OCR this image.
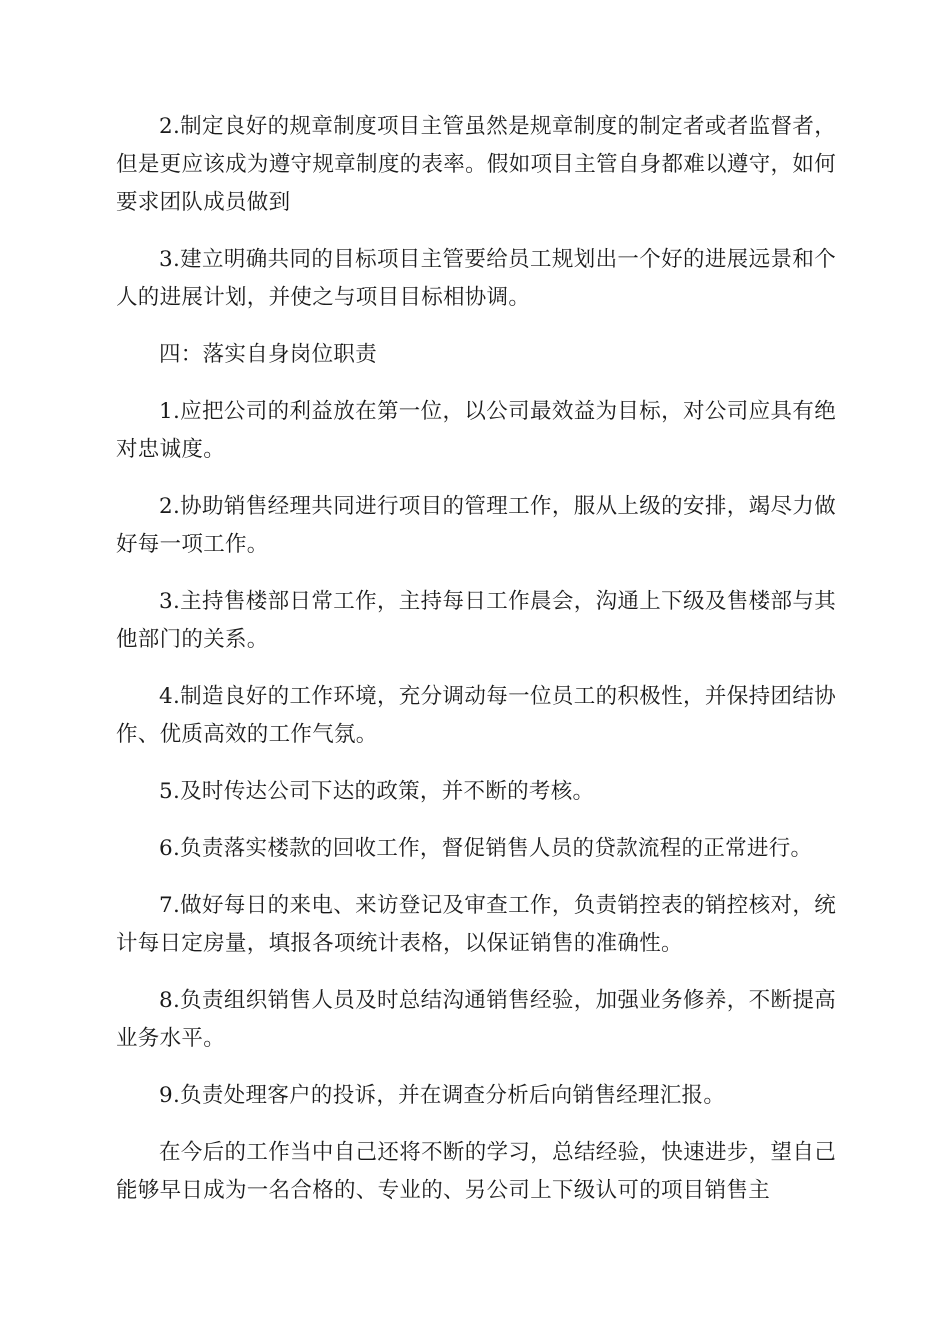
2.制定良好的规章制度项目主管虽然是规章制度的制定者或者监督者，但是更应该成为遵守规章制度的表率。假如项目主管自身都难以遵守，如何要求团队成员做到

3.建立明确共同的目标项目主管要给员工规划出一个好的进展远景和个人的进展计划，并使之与项目目标相协调。

四：落实自身岗位职责

1.应把公司的利益放在第一位，以公司最效益为目标，对公司应具有绝对忠诚度。

2.协助销售经理共同进行项目的管理工作，服从上级的安排，竭尽力做好每一项工作。

3.主持售楼部日常工作，主持每日工作晨会，沟通上下级及售楼部与其他部门的关系。

4.制造良好的工作环境，充分调动每一位员工的积极性，并保持团结协作、优质高效的工作气氛。

5.及时传达公司下达的政策，并不断的考核。

6.负责落实楼款的回收工作，督促销售人员的贷款流程的正常进行。

7.做好每日的来电、来访登记及审查工作，负责销控表的销控核对，统计每日定房量，填报各项统计表格，以保证销售的准确性。

8.负责组织销售人员及时总结沟通销售经验，加强业务修养，不断提高业务水平。

9.负责处理客户的投诉，并在调查分析后向销售经理汇报。

在今后的工作当中自己还将不断的学习，总结经验，快速进步，望自己能够早日成为一名合格的、专业的、另公司上下级认可的项目销售主
